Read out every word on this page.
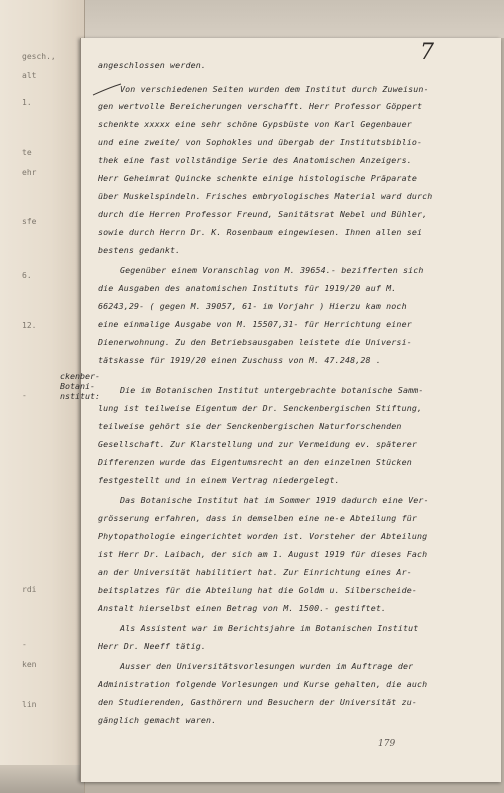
gesch.,
alt
1.
te
ehr
sfe
6.
12.
-
rdi
-
ken
lin
7
angeschlossen werden.
Von verschiedenen Seiten wurden dem Institut durch Zuweisun-
gen wertvolle Bereicherungen verschafft. Herr Professor Göppert
schenkte xxxxx eine sehr schöne Gypsbüste von Karl Gegenbauer
und eine zweite/ von Sophokles und übergab der Institutsbiblio-
thek eine fast vollständige Serie des Anatomischen Anzeigers.
Herr Geheimrat Quincke schenkte einige histologische Präparate
über Muskelspindeln. Frisches embryologisches Material ward durch
durch die Herren Professor Freund, Sanitätsrat Nebel und Bühler,
sowie durch Herrn Dr. K. Rosenbaum eingewiesen. Ihnen allen sei
bestens gedankt.
Gegenüber einem Voranschlag von M. 39654.- bezifferten sich
die Ausgaben des anatomischen Instituts für 1919/20 auf M.
66243,29- ( gegen M. 39057, 61- im Vorjahr ) Hierzu kam noch
eine einmalige Ausgabe von M. 15507,31- für Herrichtung einer
Dienerwohnung. Zu den Betriebsausgaben leistete die Universi-
tätskasse für 1919/20 einen Zuschuss von M. 47.248,28 .
Die im Botanischen Institut untergebrachte botanische Samm-
lung ist teilweise Eigentum der Dr. Senckenbergischen Stiftung,
teilweise gehört sie der Senckenbergischen Naturforschenden
Gesellschaft. Zur Klarstellung und zur Vermeidung ev. späterer
Differenzen wurde das Eigentumsrecht an den einzelnen Stücken
festgestellt und in einem Vertrag niedergelegt.
Das Botanische Institut hat im Sommer 1919 dadurch eine Ver-
grösserung erfahren, dass in demselben eine ne-e Abteilung für
Phytopathologie eingerichtet worden ist. Vorsteher der Abteilung
ist Herr Dr. Laibach, der sich am 1. August 1919 für dieses Fach
an der Universität habilitiert hat. Zur Einrichtung eines Ar-
beitsplatzes für die Abteilung hat die Goldm u. Silberscheide-
Anstalt hierselbst einen Betrag von M. 1500.- gestiftet.
Als Assistent war im Berichtsjahre im Botanischen Institut
Herr Dr. Neeff tätig.
Ausser den Universitätsvorlesungen wurden im Auftrage der
Administration folgende Vorlesungen und Kurse gehalten, die auch
den Studierenden, Gasthörern und Besuchern der Universität zu-
gänglich gemacht waren.
ckenber-
Botani-
nstitut:
179
